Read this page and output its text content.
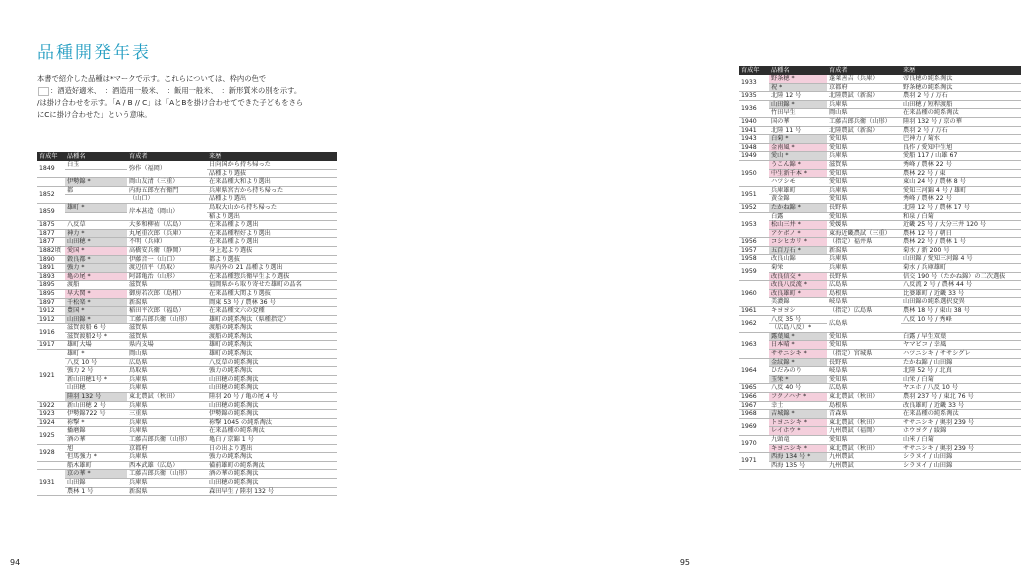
品種開発年表

本書で紹介した品種は*マークで示す。これらについては、枠内の色で

：酒造好適米、　：酒造用一般米、　：飯用一般米、　：新形質米の別を示す。

/は掛け合わせを示す。「A / B // C」は「AとBを掛け合わせてできた子どもをさら

にCに掛け合わせた」という意味。

育成年	品種名	育成者	来歴
1849	白玉	弥作（福岡）	日向国から持ち帰った
			品種より選抜
	伊勢錦 *	岡山友清（三重）	在来品種大和より選出
1852	都	内海五郎左右衛門	兵庫県宮古から持ち帰った
		（山口）	品種より選出
1859	雄町 *	岸本甚造（岡山）	鳥取大山から持ち帰った
			稲より選出
1875	八反草	大多和柳祐（広島）	在来品種より選出
1877	神力 *	丸尾重次郎（兵庫）	在来品種程好より選出
1877	山田穂 *	不明（兵庫）	在来品種より選出
1882頃	愛国 *	高橋安兵衛（静岡）	身上起より選抜
1890	穀良都 *	伊藤音一（山口）	都より選抜
1891	強力 *	渡辺信平（鳥取）	県内外の 21 品種より選出
1893	亀の尾 *	阿部亀治（山形）	在来品種惣兵衛早生より選抜
1895	渡船	滋賀県	福岡県から取り寄せた雄町の品名
1895	早大関 *	御房若次郎（島根）	在来品種大関より選抜
1897	千松楽 *	新潟県	岡東 53 号 / 農林 36 号
1912	豊国 *	稲田平次郎（福島）	在来品種文六の変種
1912	山田錦 *	工藤吉郎兵衛（山形）	雄町の純系淘汰（県種指定）
1916	滋賀渡船 6 号	滋賀県	渡船の純系淘汰
	滋賀渡船2号 *	滋賀県	渡船の純系淘汰
1917	雄町大場	県内支場	雄町の純系淘汰
1921	雄町 *	岡山県	雄町の純系淘汰
	八反 10 号	広島県	八反草の純系淘汰
	強力 2 号	鳥取県	強力の純系淘汰
	新山田穂1号 *	兵庫県	山田穂の純系淘汰
	山田穂	兵庫県	山田穂の純系淘汰
	陸羽 132 号	東北農試（秋田）	陸羽 20 号 / 亀の尾 4 号
1922	新山田穂 2 号	兵庫県	山田穂の純系淘汰
1923	伊勢錦722 号	三重県	伊勢錦の純系淘汰
1924	祢撃 *	兵庫県	祢撃 1045 の純系淘汰
1925	播磨錦	兵庫県	在来品種の純系淘汰
	酒の華	工藤吉郎兵衛（山形）	亀白 / 京錦 1 号
1928	旭	京都府	日の出より選出
	但馬強力 *	兵庫県	強力の純系淘汰
	船木雄町	西本武雄（広島）	備前雄町の純系淘汰
1931	京の華 *	工藤吉郎兵衛（山形）	酒の華の純系淘汰
	山田錦	兵庫県	山田穂の純系淘汰
	農林 1 号	新潟県	森田早生 / 陸羽 132 号
94
育成年	品種名	育成者	来歴
1933	野条穂 *	蓬莱善吉（兵庫）	帝良穂の純系淘汰
	祝 *	京都府	野条穂の純系淘汰
1935	北陸 12 号	北陸農試（新潟）	農羽 2 号 / 万石
1936	山田錦 *	兵庫県	山田穂 / 短稈渡船
	竹田早生	岡山県	在来品種の純系淘汰
1940	国の華	工藤吉郎兵衛（山形）	陸羽 132 号 / 京の華
1941	北陸 11 号	北陸農試（新潟）	農羽 2 号 / 万石
1943	白菊 *	愛知県	巴神力 / 菊水
1948	金南風 *	愛知県	良作 / 愛知中生旭
1949	愛山 *	兵庫県	愛船 117 / 山雄 67
1950	うこん錦 *	滋賀県	秀峰 / 農林 22 号
	中生新千本 *	愛知県	農林 22 号 / 東
	ハツシモ	愛知県	東山 24 号 / 農林 8 号
1951	兵庫雄町	兵庫県	愛知三河錦 4 号 / 雄町
	黄金錦	愛知県	秀峰 / 農林 22 号
1952	たかね錦 *	長野県	北陸 12 号 / 農林 17 号
1953	白露	愛知県	和泉 / 白菊
	松山三井 *	愛媛県	近畿 25 号 / 大分三井 120 号
	アケボノ *	東海近畿農試（三重）	農林 12 号 / 朝日
1956	コシヒカリ *	（指定）福井県	農林 22 号 / 農林 1 号
1957	五百万石 *	新潟県	菊水 / 新 200 号
1958	改良山錦	兵庫県	山田錦 / 愛知三河錦 4 号
1959	菊栄	兵庫県	菊水 / 兵庫雄町
	改良信交 *	長野県	信交 190 号（たかね錦）の二次選抜
1960	改良八反流 *	広島県	八反流 2 号 / 農林 44 号
	改良雄町 *	島根県	比婆雄町 / 近畿 33 号
	美濃錦	岐阜県	山田錦の純系選択変異
1961	キヨヨシ	（指定）広島県	農林 18 号 / 東山 38 号
1962	八反 35 号	広島県	八反 10 号 / 秀峰
	（広島八反）*		
1963	露葉風 *	愛知県	白露 / 早生双葉
	日本晴 *	愛知県	ヤマビコ / 幸風
	ササニシキ *	（指定）宮城県	ハツニシキ / ササシグレ
1964	金紋錦 *	長野県	たかね錦 / 山田錦
	ひだみのり	岐阜県	北陸 52 号 / 北真
	玉栄 *	愛知県	山栄 / 白菊
1965	八反 40 号	広島県	ヤエホ / 八反 10 号
1966	フクノハナ *	東北農試（秋田）	農羽 237 号 / 東北 76 号
1967	幸土	島根県	改良雄町 / 近畿 33 号
1968	吉城錦 *	青森県	在来品種の純系淘汰
1969	トヨニシキ *	東北農試（秋田）	ササニシキ / 奥羽 239 号
	レイホウ *	九州農試（福岡）	ホウヨク / 綾錦
1970	九頭竜	愛知県	山米 / 白菊
	キヨニシキ *	東北農試（秋田）	ササニシキ / 奥羽 239 号
1971	西海 134 号 *	九州農試	シラヌイ / 山田錦
	西海 135 号	九州農試	シラヌイ / 山田錦
95
